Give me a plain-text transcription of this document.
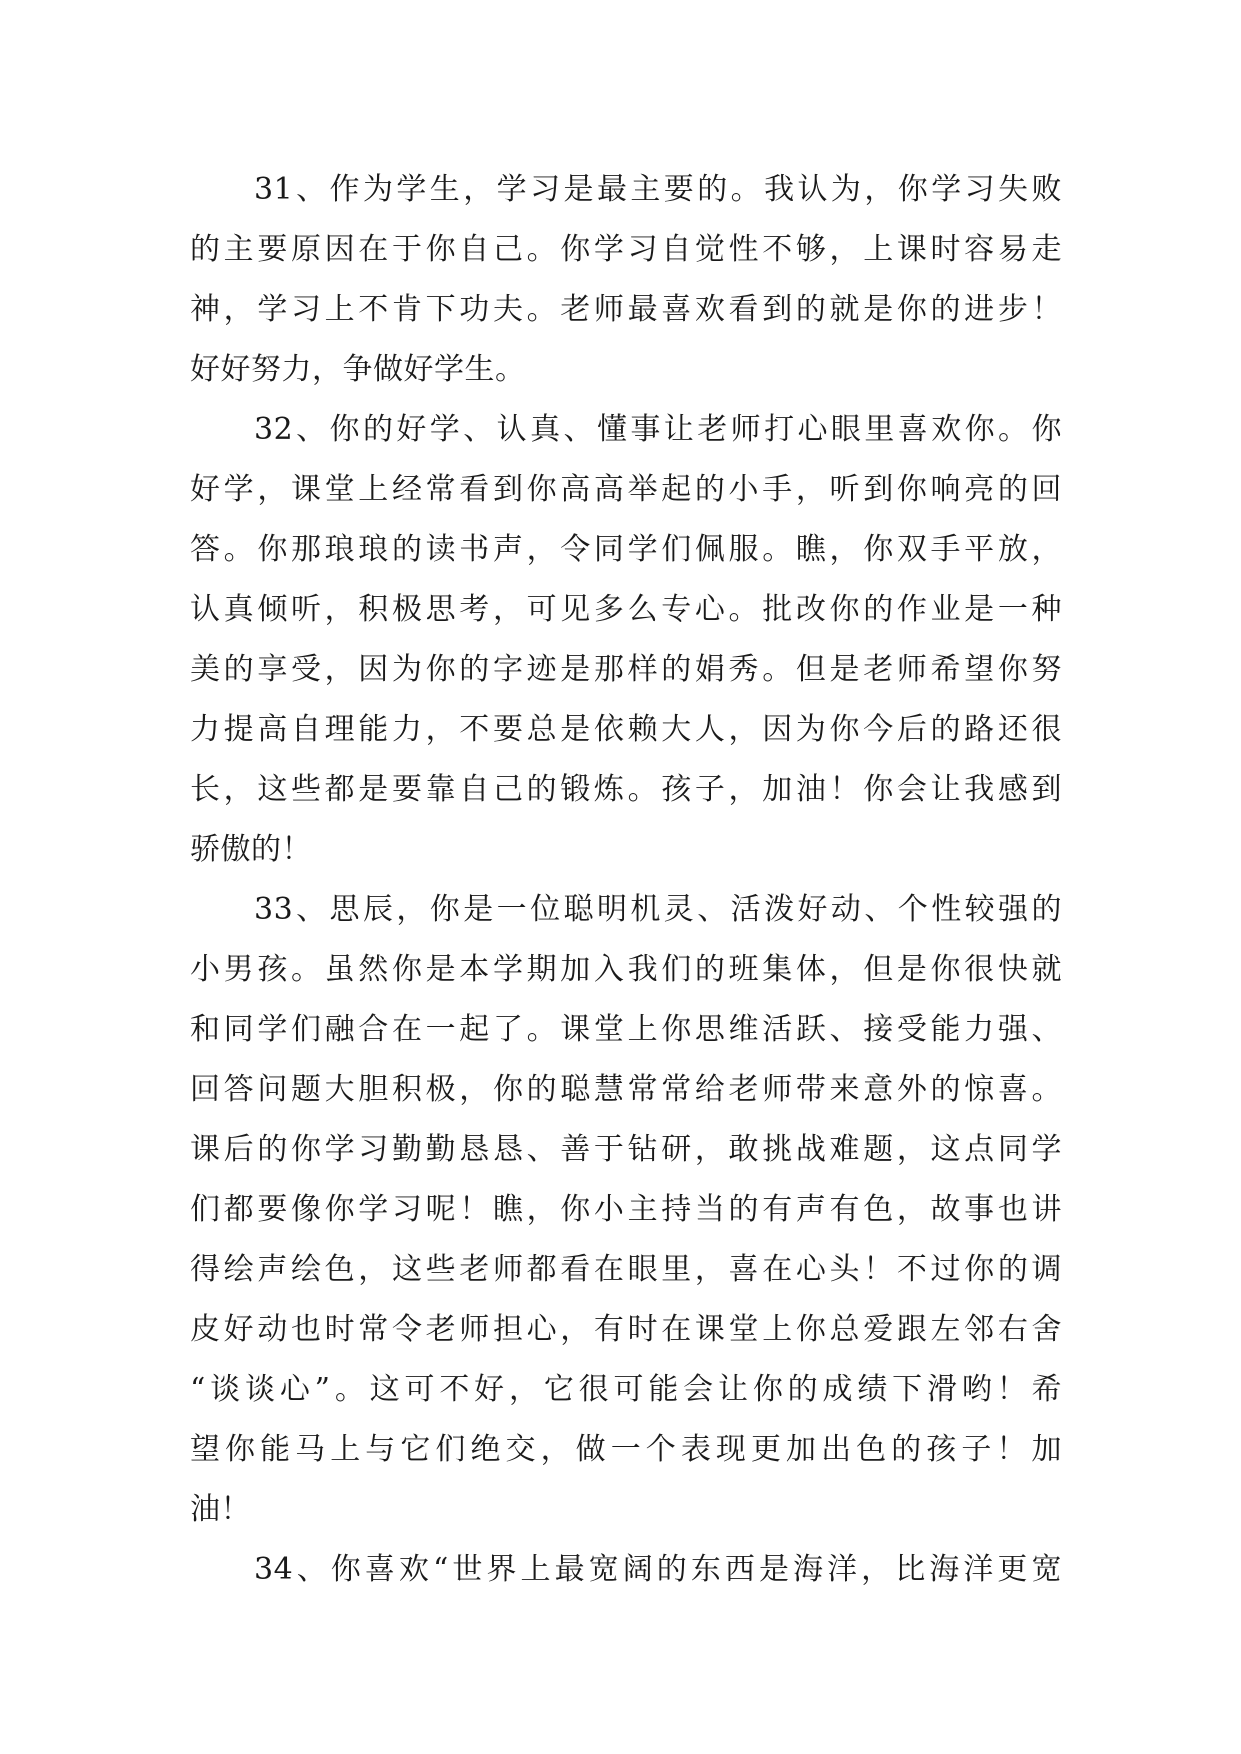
31、作为学生，学习是最主要的。我认为，你学习失败
的主要原因在于你自己。你学习自觉性不够，上课时容易走
神，学习上不肯下功夫。老师最喜欢看到的就是你的进步！
好好努力，争做好学生。
32、你的好学、认真、懂事让老师打心眼里喜欢你。你
好学，课堂上经常看到你高高举起的小手，听到你响亮的回
答。你那琅琅的读书声，令同学们佩服。瞧，你双手平放，
认真倾听，积极思考，可见多么专心。批改你的作业是一种
美的享受，因为你的字迹是那样的娟秀。但是老师希望你努
力提高自理能力，不要总是依赖大人，因为你今后的路还很
长，这些都是要靠自己的锻炼。孩子，加油！你会让我感到
骄傲的！
33、思辰，你是一位聪明机灵、活泼好动、个性较强的
小男孩。虽然你是本学期加入我们的班集体，但是你很快就
和同学们融合在一起了。课堂上你思维活跃、接受能力强、
回答问题大胆积极，你的聪慧常常给老师带来意外的惊喜。
课后的你学习勤勤恳恳、善于钻研，敢挑战难题，这点同学
们都要像你学习呢！瞧，你小主持当的有声有色，故事也讲
得绘声绘色，这些老师都看在眼里，喜在心头！不过你的调
皮好动也时常令老师担心，有时在课堂上你总爱跟左邻右舍
“谈谈心”。这可不好，它很可能会让你的成绩下滑哟！希
望你能马上与它们绝交，做一个表现更加出色的孩子！加
油！
34、你喜欢“世界上最宽阔的东西是海洋，比海洋更宽
